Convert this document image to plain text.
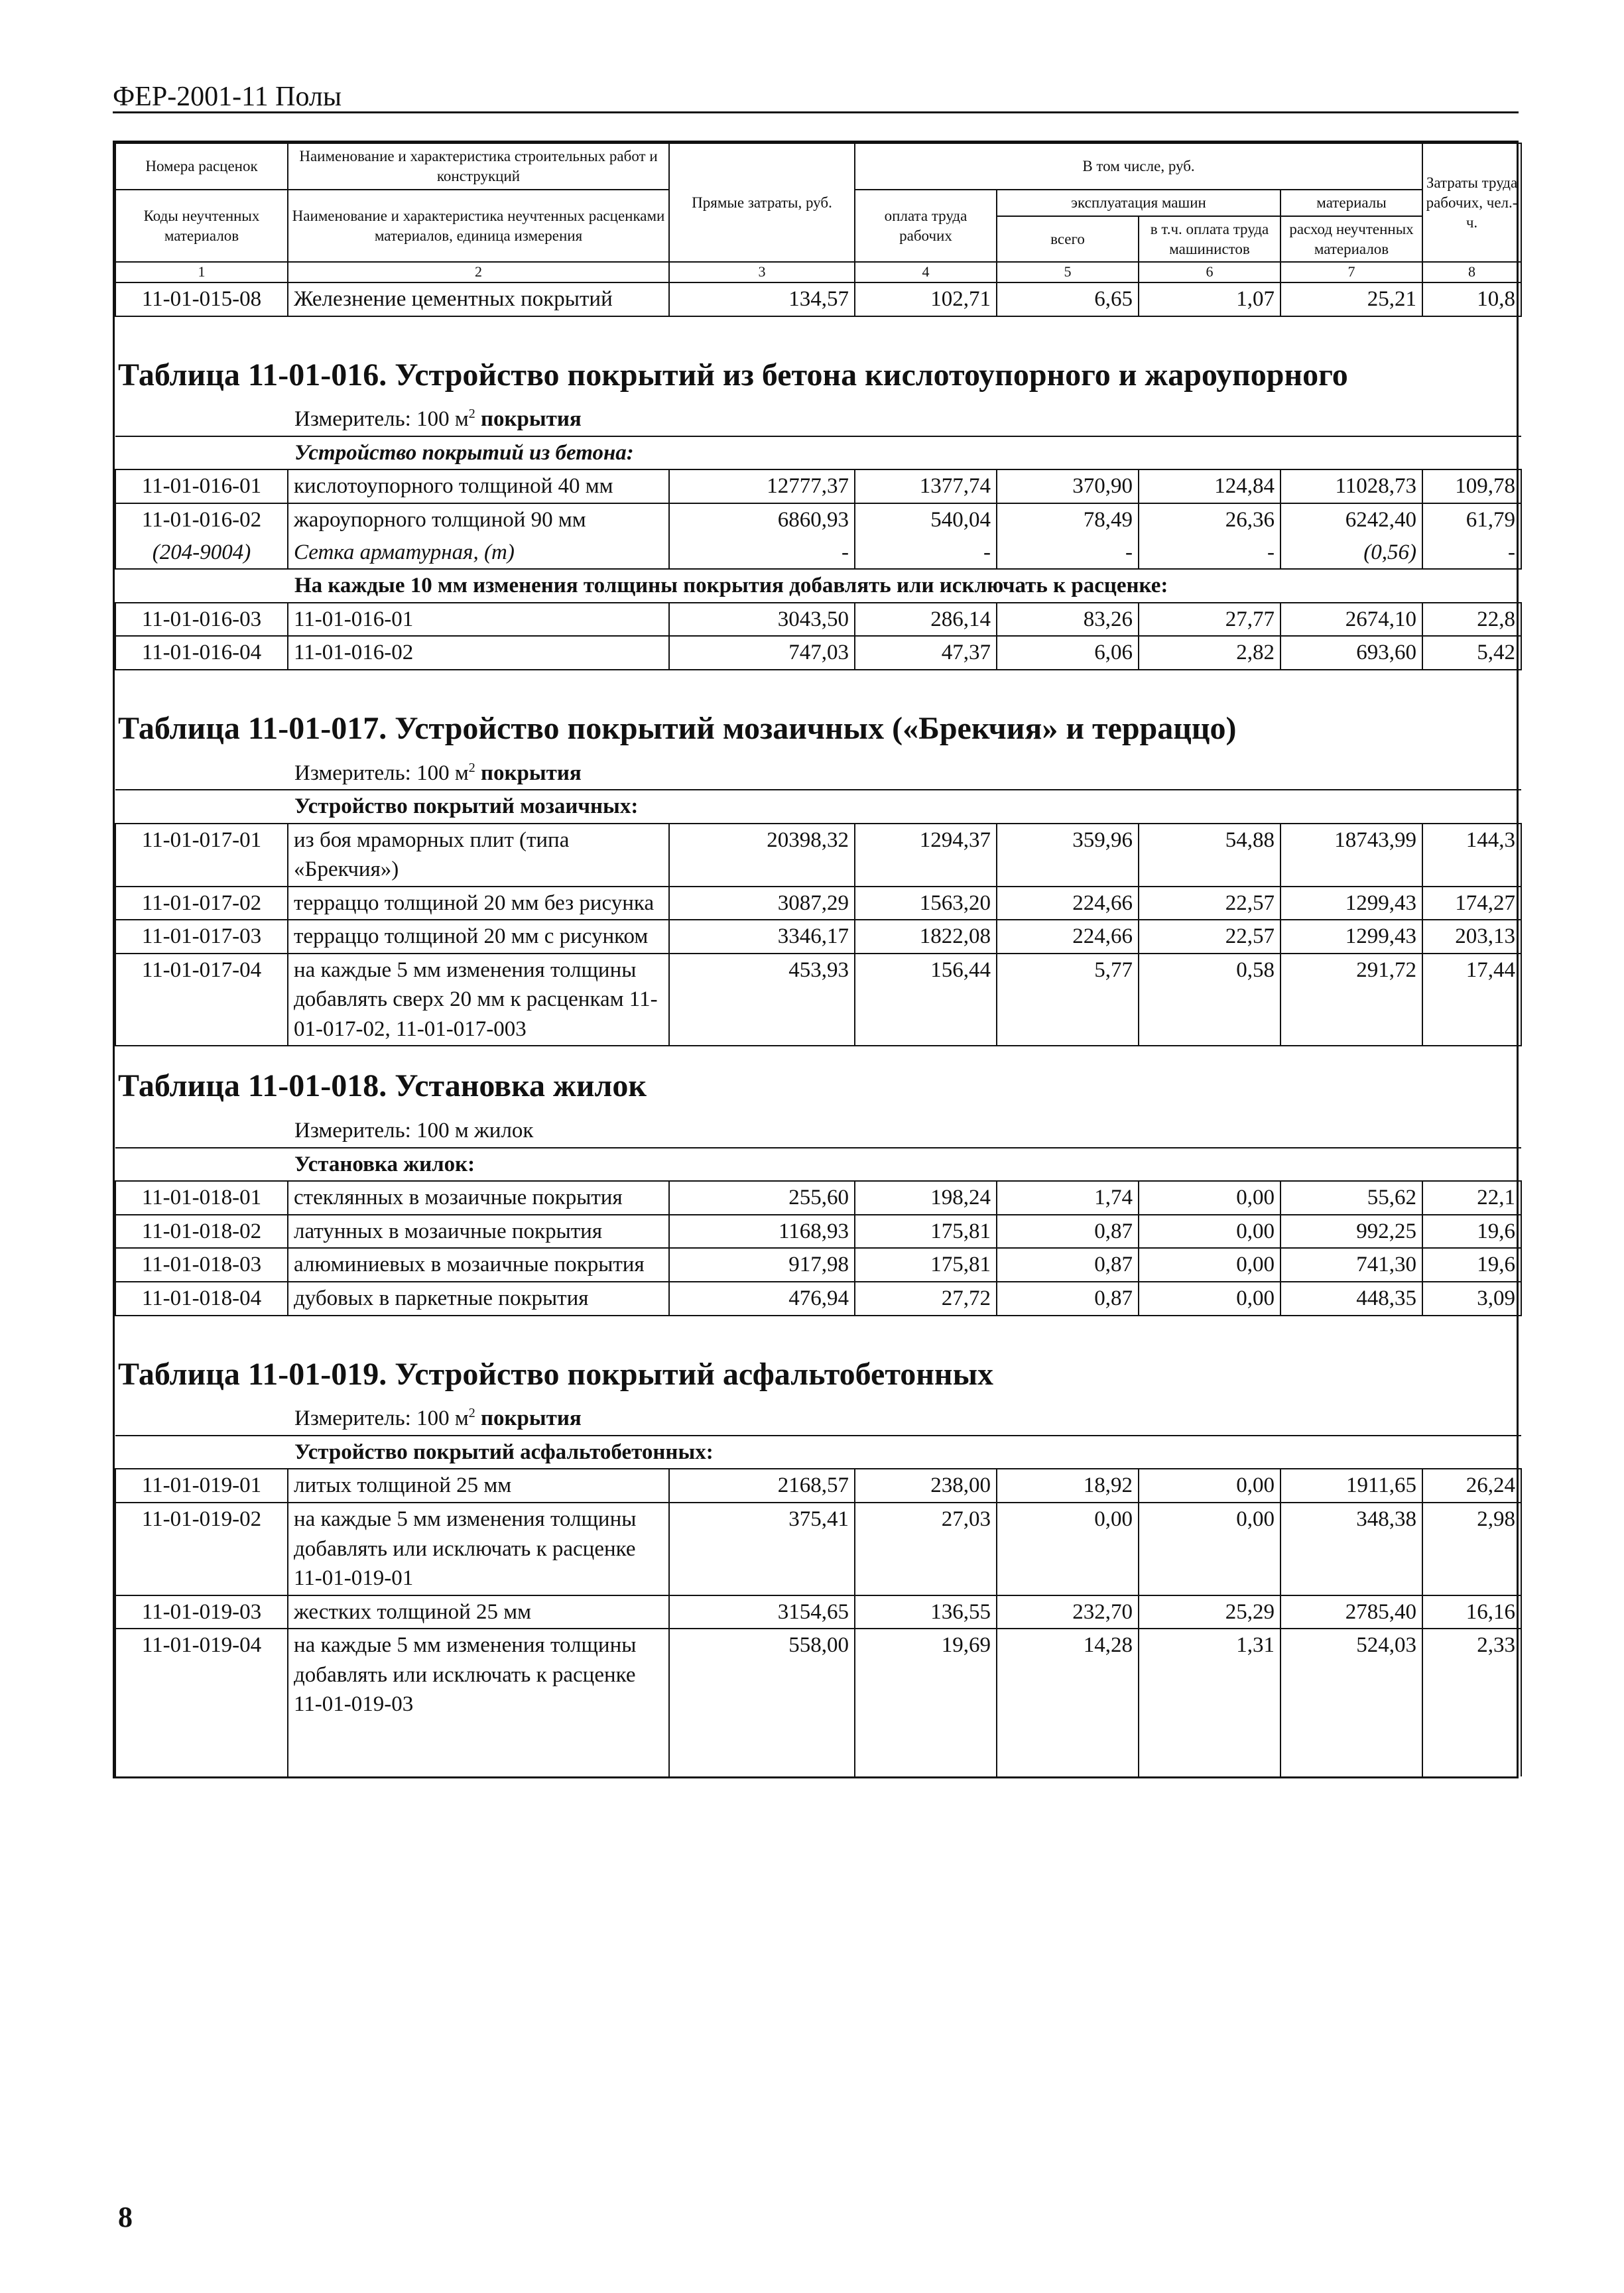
ФЕР-2001-11 Полы
Номера расценок	Наименование и характеристика строительных работ и конструкций	Прямые затраты, руб.	В том числе, руб.				Затраты труда рабочих, чел.-ч.
Коды неучтенных материалов	Наименование и характеристика неучтенных расценками материалов, единица измерения		оплата труда рабочих	эксплуатация машин		материалы	
				всего	в т.ч. оплата труда машинистов	расход неучтенных материалов	
1	2	3	4	5	6	7	8
11-01-015-08	Железнение цементных покрытий	134,57	102,71	6,65	1,07	25,21	10,8

Таблица 11-01-016. Устройство покрытий из бетона кислотоупорного и жароупорного							
Измеритель: 100 $м^2$ покрытия							
Устройство покрытий из бетона:							
11-01-016-01	кислотоупорного толщиной 40 мм	12777,37	1377,74	370,90	124,84	11028,73	109,78
11-01-016-02	жароупорного толщиной 90 мм	6860,93	540,04	78,49	26,36	6242,40	61,79
(204-9004)	Сетка арматурная, (т)	-	-	-	-	(0,56)	-
На каждые 10 мм изменения толщины покрытия добавлять или исключать к расценке:							
11-01-016-03	11-01-016-01	3043,50	286,14	83,26	27,77	2674,10	22,8
11-01-016-04	11-01-016-02	747,03	47,37	6,06	2,82	693,60	5,42

Таблица 11-01-017. Устройство покрытий мозаичных («Брекчия» и терраццо)							
Измеритель: 100 $м^2$ покрытия							
Устройство покрытий мозаичных:							
11-01-017-01	из боя мраморных плит (типа «Брекчия»)	20398,32	1294,37	359,96	54,88	18743,99	144,3
11-01-017-02	терраццо толщиной 20 мм без рисунка	3087,29	1563,20	224,66	22,57	1299,43	174,27
11-01-017-03	терраццо толщиной 20 мм с рисунком	3346,17	1822,08	224,66	22,57	1299,43	203,13
11-01-017-04	на каждые 5 мм изменения толщины добавлять сверх 20 мм к расценкам 11-01-017-02, 11-01-017-003	453,93	156,44	5,77	0,58	291,72	17,44

Таблица 11-01-018. Установка жилок							
Измеритель: 100 м жилок							
Установка жилок:							
11-01-018-01	стеклянных в мозаичные покрытия	255,60	198,24	1,74	0,00	55,62	22,1
11-01-018-02	латунных в мозаичные покрытия	1168,93	175,81	0,87	0,00	992,25	19,6
11-01-018-03	алюминиевых в мозаичные покрытия	917,98	175,81	0,87	0,00	741,30	19,6
11-01-018-04	дубовых в паркетные покрытия	476,94	27,72	0,87	0,00	448,35	3,09

Таблица 11-01-019. Устройство покрытий асфальтобетонных							
Измеритель: 100 $м^2$ покрытия							
Устройство покрытий асфальтобетонных:							
11-01-019-01	литых толщиной 25 мм	2168,57	238,00	18,92	0,00	1911,65	26,24
11-01-019-02	на каждые 5 мм изменения толщины добавлять или исключать к расценке 11-01-019-01	375,41	27,03	0,00	0,00	348,38	2,98
11-01-019-03	жестких толщиной 25 мм	3154,65	136,55	232,70	25,29	2785,40	16,16
11-01-019-04	на каждые 5 мм изменения толщины добавлять или исключать к расценке 11-01-019-03	558,00	19,69	14,28	1,31	524,03	2,33

8
